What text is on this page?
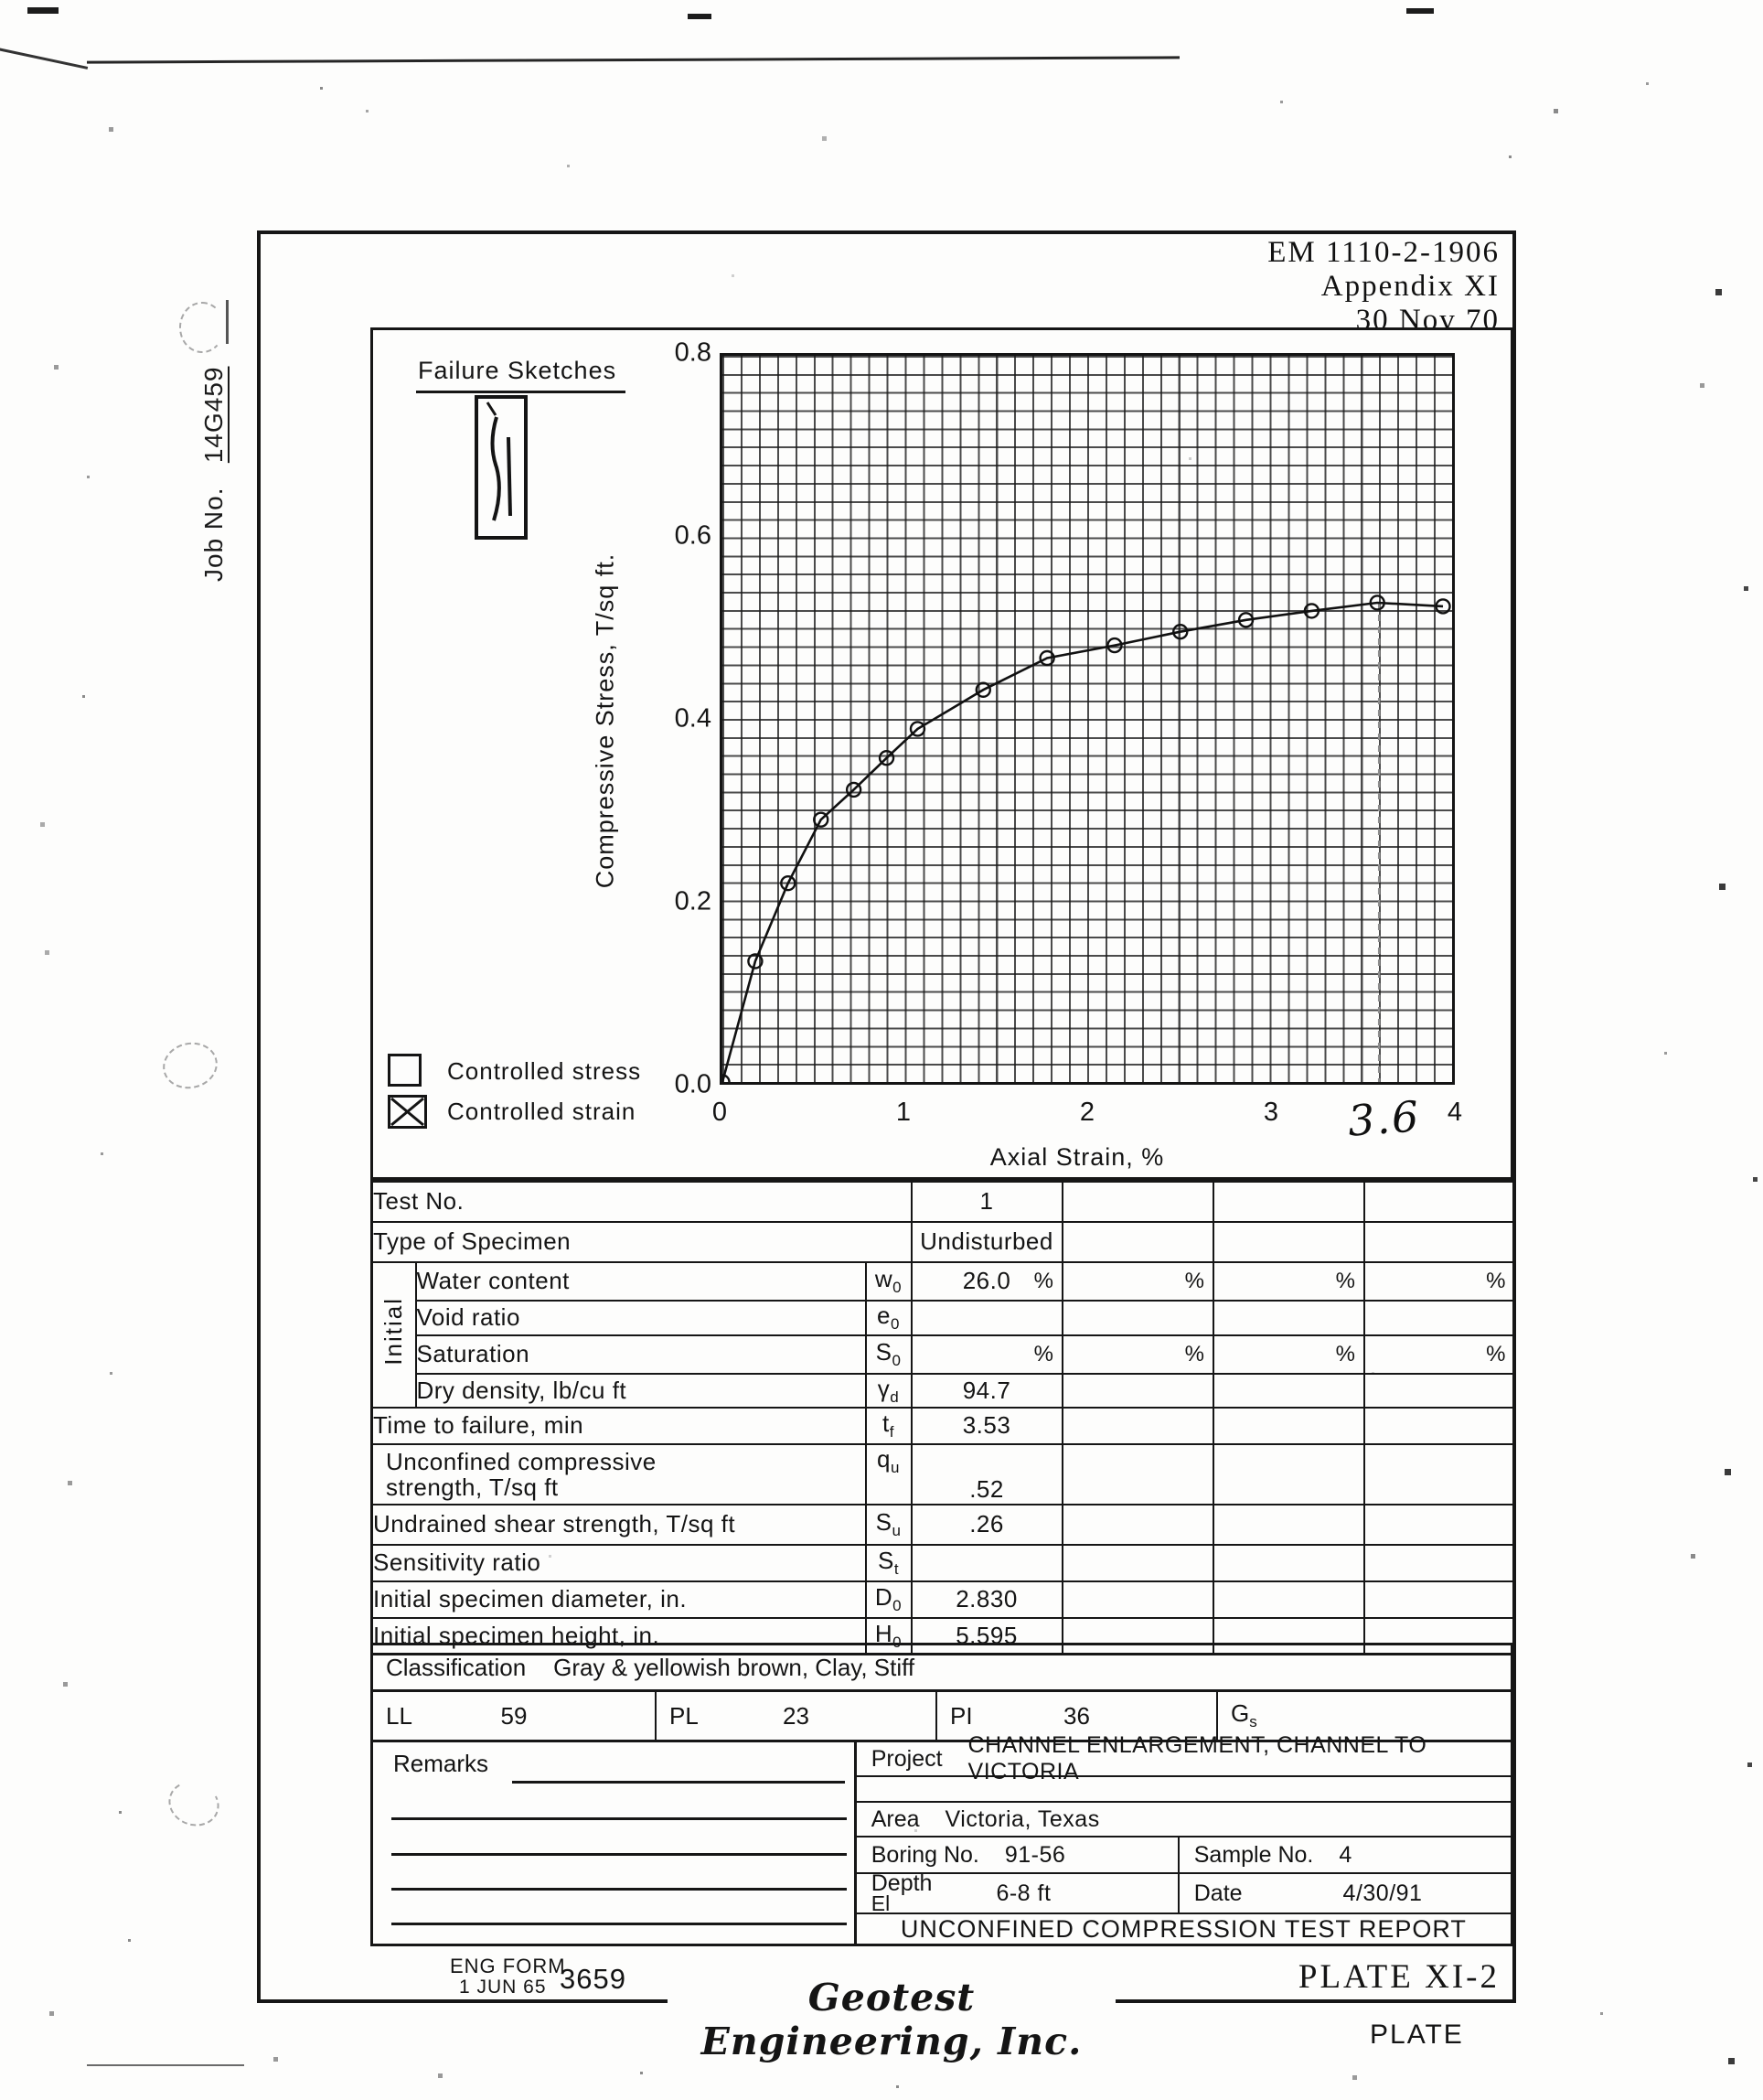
Job No.   14G459
EM 1110-2-1906
Appendix XI
30 Nov 70
Failure Sketches
0.8
0.6
0.4
0.2
0.0
0	1	2	3	4
3.6
Axial Strain, %
Compressive Stress, T/sq ft.
Controlled stress
Controlled strain
Test No.			1			
Type of Specimen			Undisturbed			
Initial	Water content	$w_0$	26.0 %	%	%	%

	Void ratio	$e_0$				
	Saturation	$S_0$	%	%	%	%

	Dry density, lb/cu ft	$\gamma_d$	94.7			
Time to failure, min		$t_f$	3.53			

Unconfined compressive
strength, T/sq ft		$q_u$	.52			
Undrained shear strength, T/sq ft		$S_u$	.26			
Sensitivity ratio		$S_t$				
Initial specimen diameter, in.		$D_0$	2.830			
Initial specimen height, in.		$H_0$	5.595			
Classification	Gray & yellowish brown, Clay, Stiff
LL	59	PL	23	PI	36	$G_s$
Remarks	Project
CHANNEL ENLARGEMENT, CHANNEL TO VICTORIA
Area	Victoria, Texas
Boring No.	91-56	Sample No.	4
Depth
El	6-8 ft	Date	4/30/91
UNCONFINED COMPRESSION TEST REPORT
ENG FORM
1 JUN 65 3659	PLATE XI-2
Geotest Engineering, Inc.	PLATE
